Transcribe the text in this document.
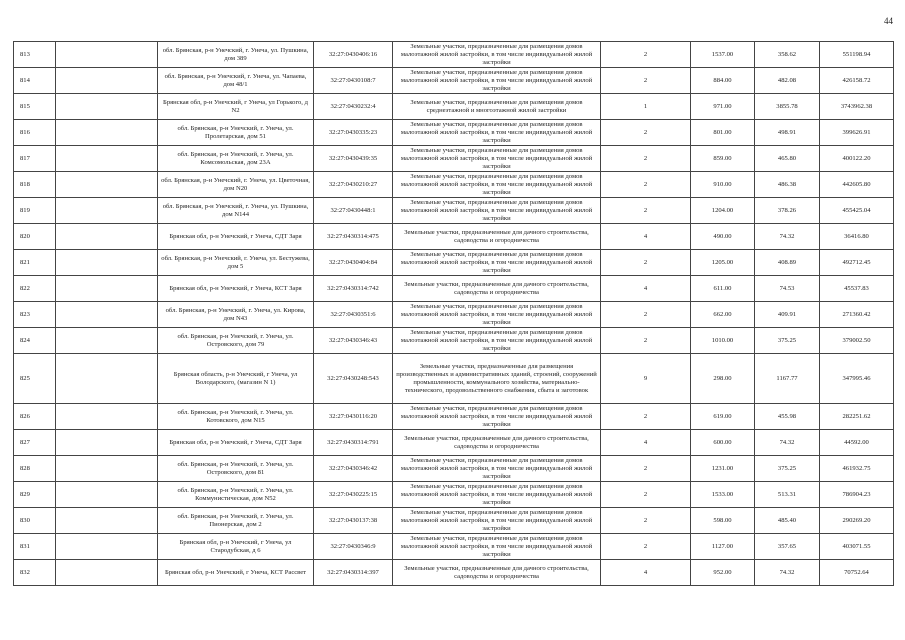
44
813		обл. Брянская, р-н Унечский, г. Унеча, ул. Пушкина, дом 389	32:27:0430406:16	Земельные участки, предназначенные для размещения домов малоэтажной жилой застройки, в том числе индивидуальной жилой застройки	2	1537.00	358.62	551198.94
814		обл. Брянская, р-н Унечский, г. Унеча, ул. Чапаева, дом 48/1	32:27:0430108:7	Земельные участки, предназначенные для размещения домов малоэтажной жилой застройки, в том числе индивидуальной жилой застройки	2	884.00	482.08	426158.72
815		Брянская обл, р-н Унечский, г Унеча, ул Горького, д N2	32:27:0430232:4	Земельные участки, предназначенные для размещения домов среднеэтажной и многоэтажной жилой застройки	1	971.00	3855.78	3743962.38
816		обл. Брянская, р-н Унечский, г. Унеча, ул. Пролетарская, дом 51	32:27:0430335:23	Земельные участки, предназначенные для размещения домов малоэтажной жилой застройки, в том числе индивидуальной жилой застройки	2	801.00	498.91	399626.91
817		обл. Брянская, р-н Унечский, г. Унеча, ул. Комсомольская, дом 23А	32:27:0430439:35	Земельные участки, предназначенные для размещения домов малоэтажной жилой застройки, в том числе индивидуальной жилой застройки	2	859.00	465.80	400122.20
818		обл. Брянская, р-н Унечский, г. Унеча, ул. Цветочная, дом N20	32:27:0430210:27	Земельные участки, предназначенные для размещения домов малоэтажной жилой застройки, в том числе индивидуальной жилой застройки	2	910.00	486.38	442605.80
819		обл. Брянская, р-н Унечский, г. Унеча, ул. Пушкина, дом N144	32:27:0430448:1	Земельные участки, предназначенные для размещения домов малоэтажной жилой застройки, в том числе индивидуальной жилой застройки	2	1204.00	378.26	455425.04
820		Брянская обл, р-н Унечский, г Унеча, СДТ Заря	32:27:0430314:475	Земельные участки, предназначенные для дачного строительства, садоводства и огородничества	4	490.00	74.32	36416.80
821		обл. Брянская, р-н Унечский, г. Унеча, ул. Бестужева, дом 5	32:27:0430404:84	Земельные участки, предназначенные для размещения домов малоэтажной жилой застройки, в том числе индивидуальной жилой застройки	2	1205.00	408.89	492712.45
822		Брянская обл, р-н Унечский, г Унеча, КСТ Заря	32:27:0430314:742	Земельные участки, предназначенные для дачного строительства, садоводства и огородничества	4	611.00	74.53	45537.83
823		обл. Брянская, р-н Унечский, г. Унеча, ул. Кирова, дом N43	32:27:0430351:6	Земельные участки, предназначенные для размещения домов малоэтажной жилой застройки, в том числе индивидуальной жилой застройки	2	662.00	409.91	271360.42
824		обл. Брянская, р-н Унечский, г. Унеча, ул. Островского, дом 79	32:27:0430346:43	Земельные участки, предназначенные для размещения домов малоэтажной жилой застройки, в том числе индивидуальной жилой застройки	2	1010.00	375.25	379002.50
825		Брянская область, р-н Унечский, г Унеча, ул Володарского, (магазин N 1)	32:27:0430248:543	Земельные участки, предназначенные для размещения производственных и административных зданий, строений, сооружений промышленности, коммунального хозяйства, материально-технического, продовольственного снабжения, сбыта и заготовок	9	298.00	1167.77	347995.46
826		обл. Брянская, р-н Унечский, г. Унеча, ул. Котовского, дом N15	32:27:0430116:20	Земельные участки, предназначенные для размещения домов малоэтажной жилой застройки, в том числе индивидуальной жилой застройки	2	619.00	455.98	282251.62
827		Брянская обл, р-н Унечский, г Унеча, СДТ Заря	32:27:0430314:791	Земельные участки, предназначенные для дачного строительства, садоводства и огородничества	4	600.00	74.32	44592.00
828		обл. Брянская, р-н Унечский, г. Унеча, ул. Островского, дом 81	32:27:0430346:42	Земельные участки, предназначенные для размещения домов малоэтажной жилой застройки, в том числе индивидуальной жилой застройки	2	1231.00	375.25	461932.75
829		обл. Брянская, р-н Унечский, г. Унеча, ул. Коммунистическая, дом N52	32:27:0430225:15	Земельные участки, предназначенные для размещения домов малоэтажной жилой застройки, в том числе индивидуальной жилой застройки	2	1533.00	513.31	786904.23
830		обл. Брянская, р-н Унечский, г. Унеча, ул. Пионерская, дом 2	32:27:0430137:38	Земельные участки, предназначенные для размещения домов малоэтажной жилой застройки, в том числе индивидуальной жилой застройки	2	598.00	485.40	290269.20
831		Брянская обл, р-н Унечский, г Унеча, ул Стародубская, д 6	32:27:0430346:9	Земельные участки, предназначенные для размещения домов малоэтажной жилой застройки, в том числе индивидуальной жилой застройки	2	1127.00	357.65	403071.55
832		Брянская обл, р-н Унечский, г Унеча, КСТ Рассвет	32:27:0430314:397	Земельные участки, предназначенные для дачного строительства, садоводства и огородничества	4	952.00	74.32	70752.64
